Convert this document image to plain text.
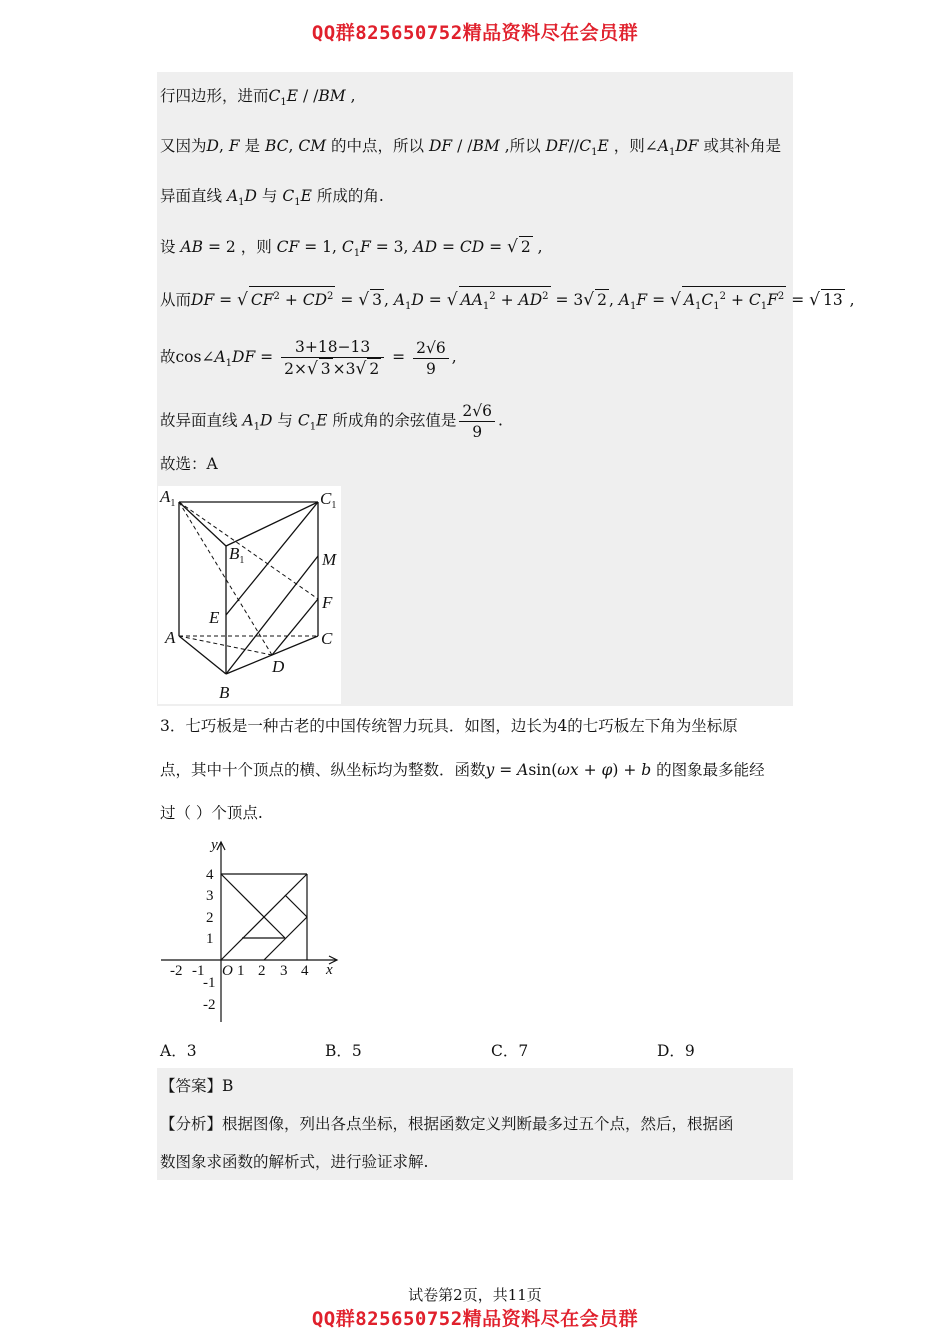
QQ群825650752精品资料尽在会员群
行四边形，进而$C_1E / /BM$ ,
又因为D, F 是 BC, CM 的中点，所以 DF / /BM ,所以 $DF//C_1E$ ，则$\angle A_1DF$ 或其补角是
异面直线 $A_1D$ 与 $C_1E$ 所成的角.
设 AB = 2 ，则 CF = 1, $C_1F = 3$, AD = CD = √ 2 ,
从而DF = √ $CF^2 + CD^2$ = √ 3 , $A_1D$ = √ $AA_1^2 + AD^2 = 3√$ 2 , $A_1F$ = √ $A_1C_1^2 + C_1F^2$ = √ 13 ,
故$\cos\angle A_1DF = \frac{3+18-13}{2\times√ 3 \times 3√ 2} = \frac{2√6}{9}$ ,
故异面直线 $A_1D$ 与 $C_1E$ 所成角的余弦值是 $\frac{2√6}{9}$ .
故选：A
$A_1$	$C_1$
$B_1$	M
F
E
A	C
D
B
3．七巧板是一种古老的中国传统智力玩具．如图，边长为4的七巧板左下角为坐标原
点，其中十个顶点的横、纵坐标均为整数．函数y = Asin(ωx + φ) + b 的图象最多能经
过（ ）个顶点.
y
x
O
-2 -1 1 2 3 4
4
3
2
1
-1
-2
A．3	B．5	C．7	D．9
【答案】B
【分析】根据图像，列出各点坐标，根据函数定义判断最多过五个点，然后，根据函
数图象求函数的解析式，进行验证求解.
试卷第2页，共11页
QQ群825650752精品资料尽在会员群
